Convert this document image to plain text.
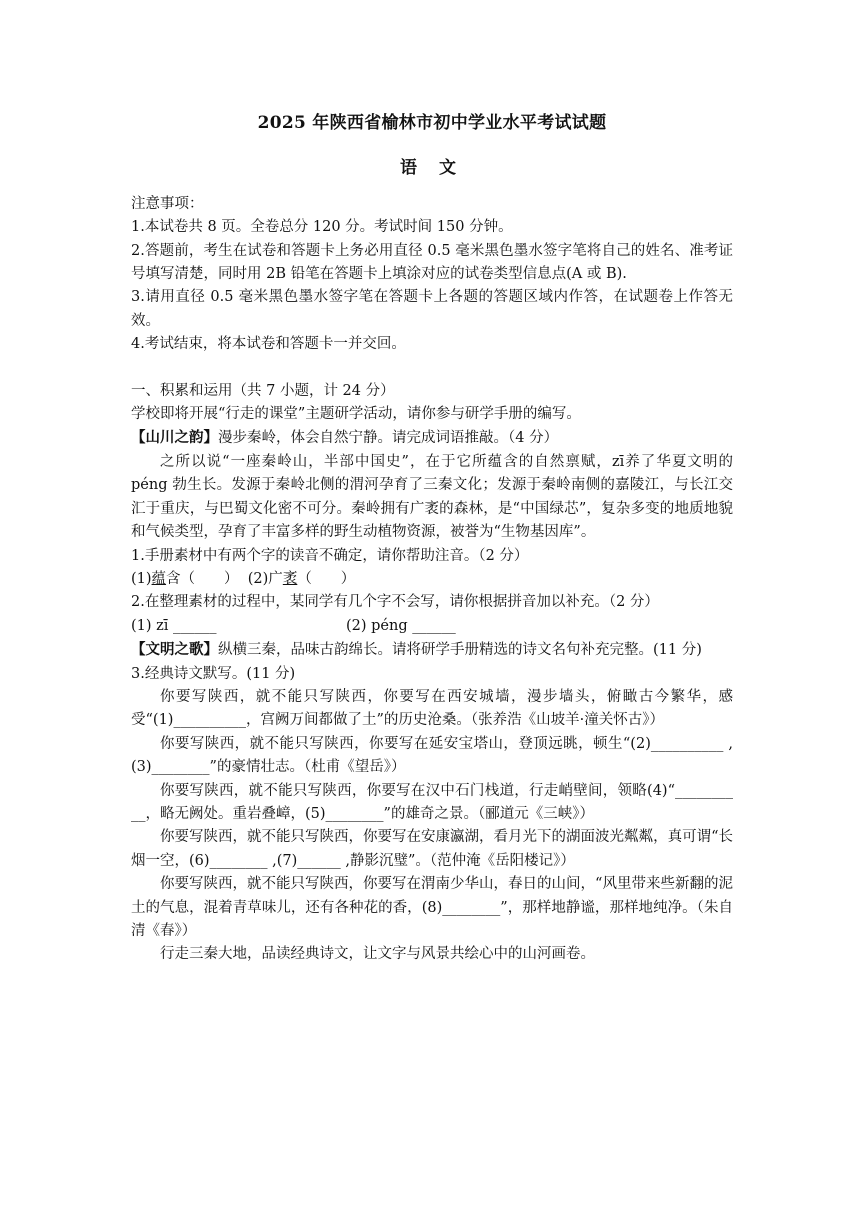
2025 年陕西省榆林市初中学业水平考试试题
语 文

注意事项：

1.本试卷共 8 页。全卷总分 120 分。考试时间 150 分钟。

2.答题前，考生在试卷和答题卡上务必用直径 0.5 毫米黑色墨水签字笔将自己的姓名、准考证号填写清楚，同时用 2B 铅笔在答题卡上填涂对应的试卷类型信息点(A 或 B).

3.请用直径 0.5 毫米黑色墨水签字笔在答题卡上各题的答题区域内作答，在试题卷上作答无效。

4.考试结束，将本试卷和答题卡一并交回。

一、积累和运用（共 7 小题，计 24 分）

学校即将开展“行走的课堂”主题研学活动，请你参与研学手册的编写。

【山川之韵】漫步秦岭，体会自然宁静。请完成词语推敲。（4 分）

之所以说“一座秦岭山，半部中国史”，在于它所蕴含的自然禀赋，zī养了华夏文明的 péng 勃生长。发源于秦岭北侧的渭河孕育了三秦文化；发源于秦岭南侧的嘉陵江，与长江交汇于重庆，与巴蜀文化密不可分。秦岭拥有广袤的森林，是“中国绿芯”，复杂多变的地质地貌和气候类型，孕育了丰富多样的野生动植物资源，被誉为“生物基因库”。

1.手册素材中有两个字的读音不确定，请你帮助注音。（2 分）

(1)蕴含（　　） (2)广袤（　　）

2.在整理素材的过程中，某同学有几个字不会写，请你根据拼音加以补充。（2 分）

(1) zī ______	(2) péng ______

【文明之歌】纵横三秦，品味古韵绵长。请将研学手册精选的诗文名句补充完整。(11 分)

3.经典诗文默写。(11 分)

你要写陕西，就不能只写陕西，你要写在西安城墙，漫步墙头，俯瞰古今繁华，感受“(1)__________，宫阙万间都做了土”的历史沧桑。（张养浩《山坡羊·潼关怀古》）

你要写陕西，就不能只写陕西，你要写在延安宝塔山，登顶远眺，顿生“(2)__________ ,(3)________”的豪情壮志。（杜甫《望岳》）

你要写陕西，就不能只写陕西，你要写在汉中石门栈道，行走峭壁间，领略(4)“________ __，略无阙处。重岩叠嶂，(5)________”的雄奇之景。（郦道元《三峡》）

你要写陕西，就不能只写陕西，你要写在安康瀛湖，看月光下的湖面波光粼粼，真可谓“长烟一空，(6)________ ,(7)______ ,静影沉璧”。（范仲淹《岳阳楼记》）

你要写陕西，就不能只写陕西，你要写在渭南少华山，春日的山间，“风里带来些新翻的泥土的气息，混着青草味儿，还有各种花的香，(8)________”，那样地静谧，那样地纯净。（朱自清《春》）

行走三秦大地，品读经典诗文，让文字与风景共绘心中的山河画卷。
